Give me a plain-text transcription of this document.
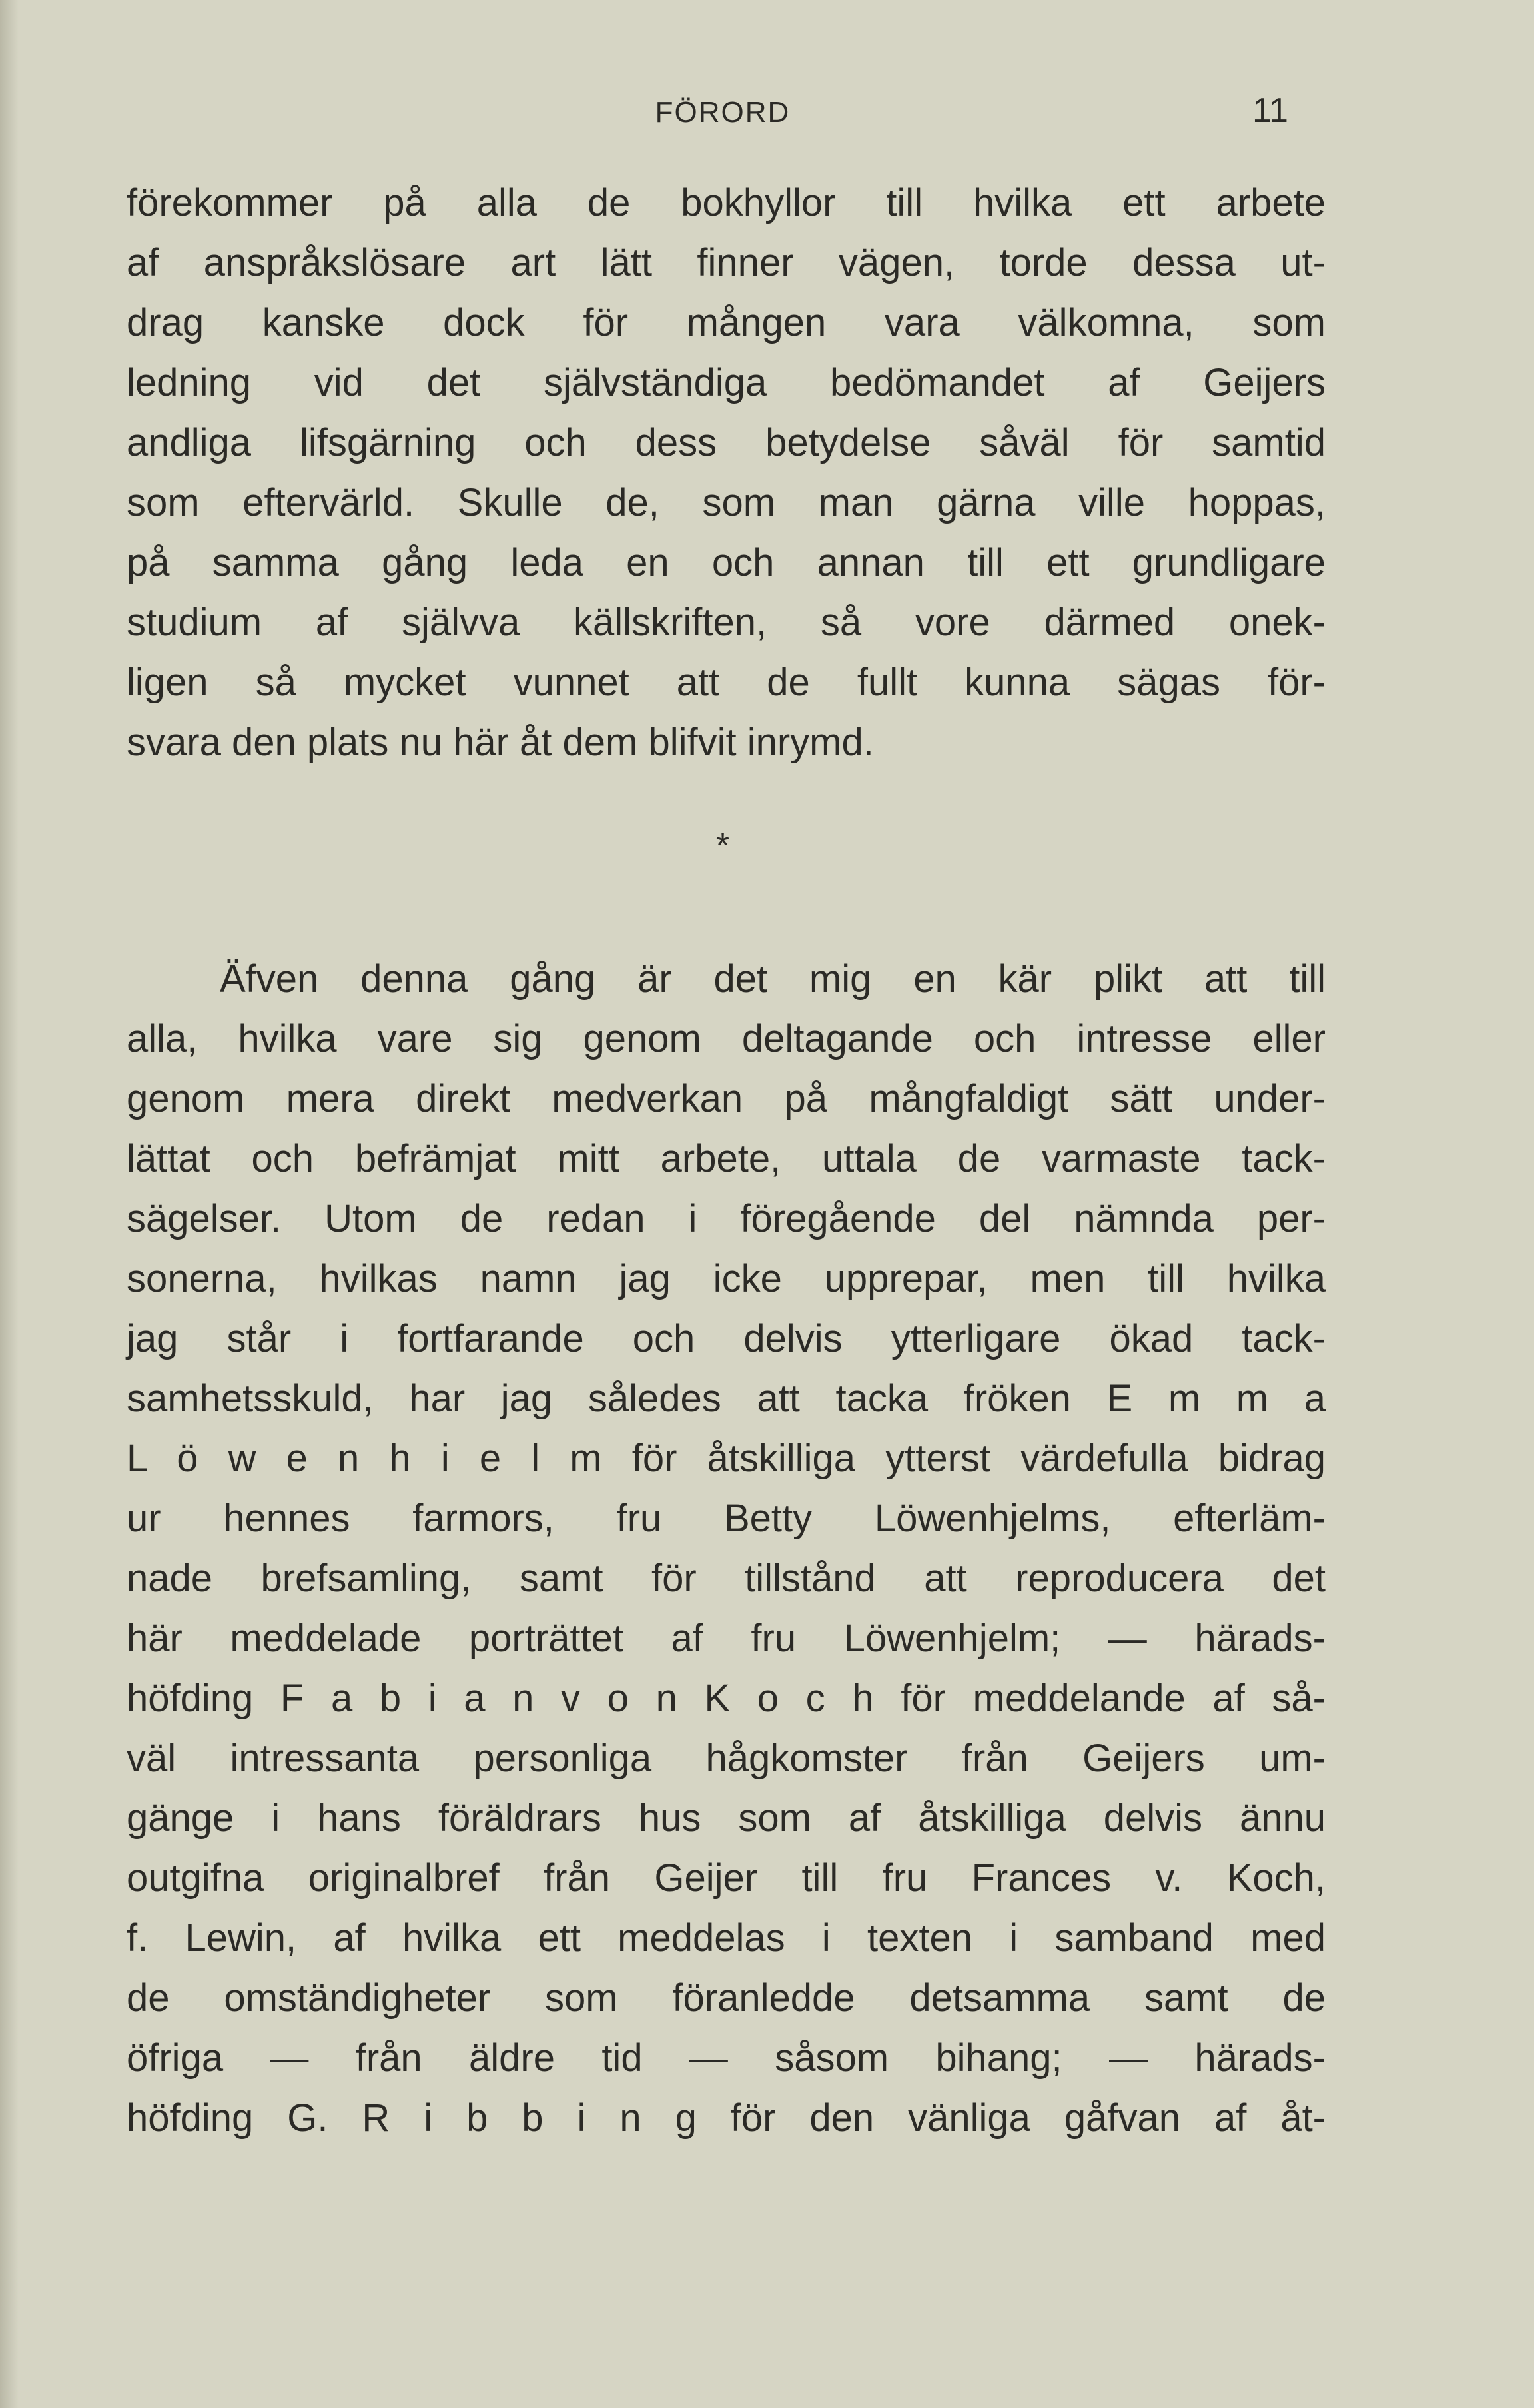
FÖRORD	11
förekommer på alla de bokhyllor till hvilka ett arbete
af anspråkslösare art lätt finner vägen, torde dessa ut-
drag kanske dock för mången vara välkomna, som
ledning vid det självständiga bedömandet af Geijers
andliga lifsgärning och dess betydelse såväl för samtid
som eftervärld. Skulle de, som man gärna ville hoppas,
på samma gång leda en och annan till ett grundligare
studium af självva källskriften, så vore därmed onek-
ligen så mycket vunnet att de fullt kunna sägas för-
svara den plats nu här åt dem blifvit inrymd.
*
Äfven denna gång är det mig en kär plikt att till
alla, hvilka vare sig genom deltagande och intresse eller
genom mera direkt medverkan på mångfaldigt sätt under-
lättat och befrämjat mitt arbete, uttala de varmaste tack-
sägelser. Utom de redan i föregående del nämnda per-
sonerna, hvilkas namn jag icke upprepar, men till hvilka
jag står i fortfarande och delvis ytterligare ökad tack-
samhetsskuld, har jag således att tacka fröken E m m a
L ö w e n h i e l m för åtskilliga ytterst värdefulla bidrag
ur hennes farmors, fru Betty Löwenhjelms, efterläm-
nade brefsamling, samt för tillstånd att reproducera det
här meddelade porträttet af fru Löwenhjelm; — härads-
höfding F a b i a n v o n K o c h för meddelande af så-
väl intressanta personliga hågkomster från Geijers um-
gänge i hans föräldrars hus som af åtskilliga delvis ännu
outgifna originalbref från Geijer till fru Frances v. Koch,
f. Lewin, af hvilka ett meddelas i texten i samband med
de omständigheter som föranledde detsamma samt de
öfriga — från äldre tid — såsom bihang; — härads-
höfding G. R i b b i n g för den vänliga gåfvan af åt-
